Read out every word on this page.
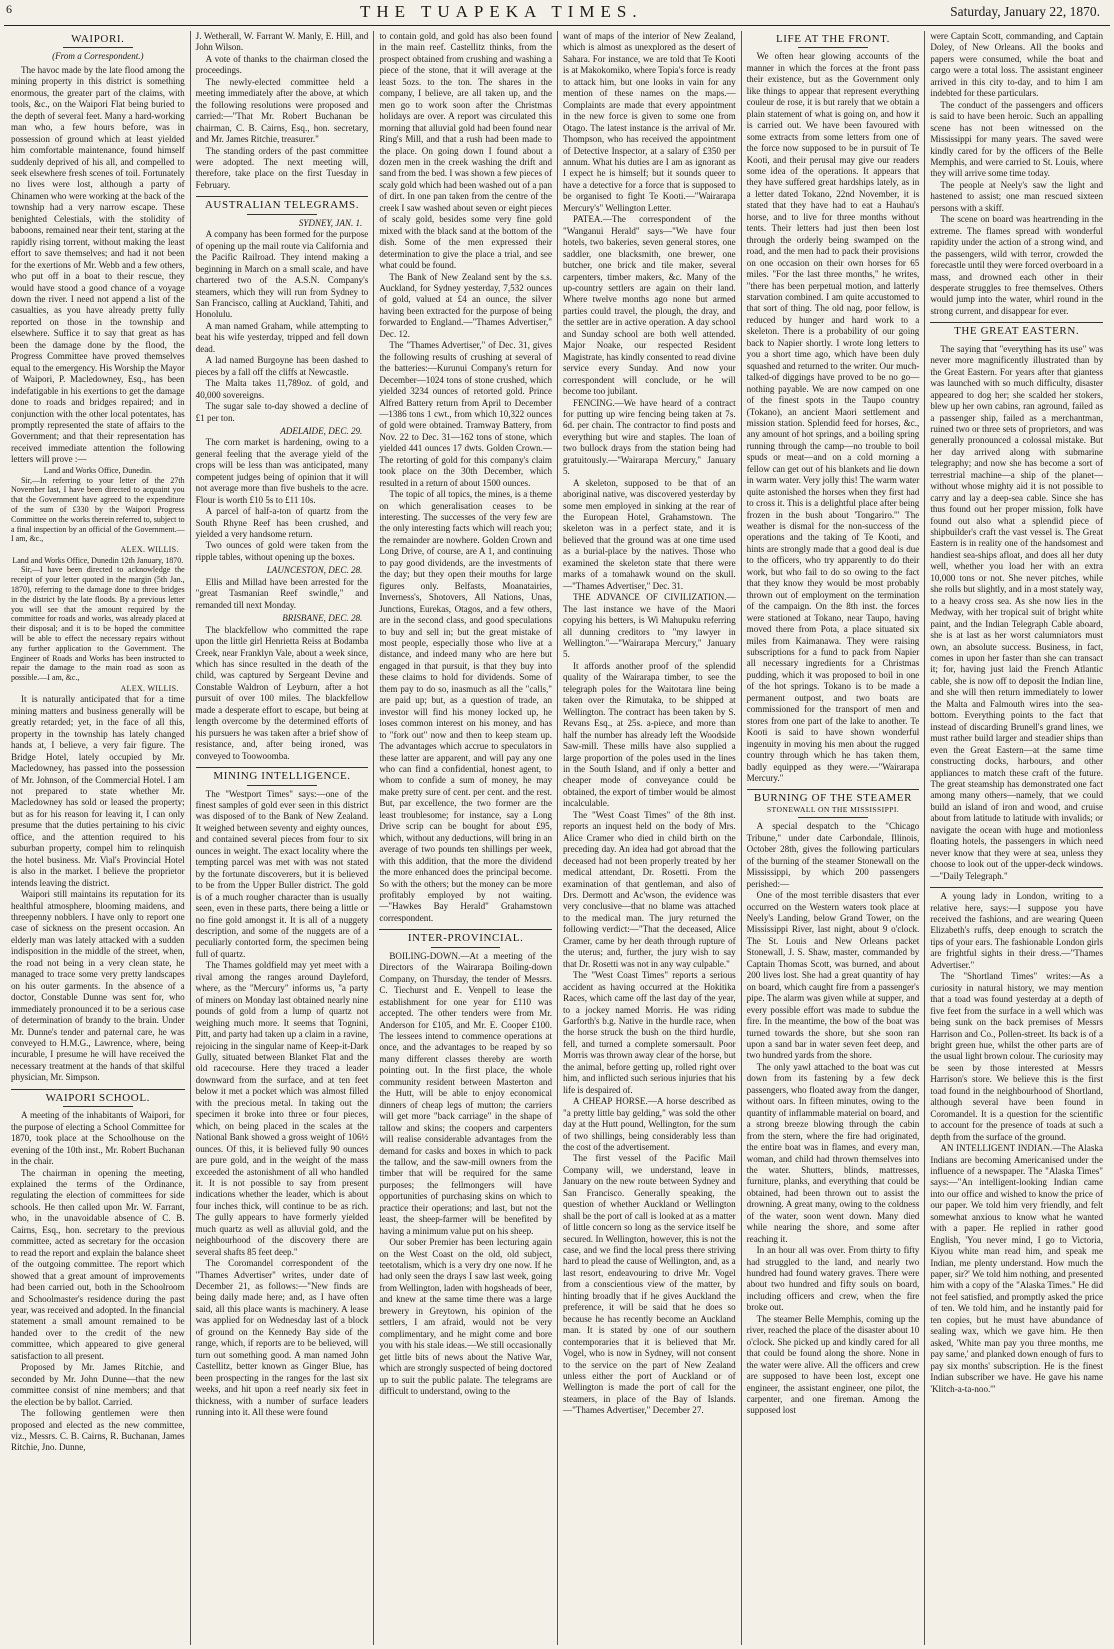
6	THE TUAPEKA TIMES.	Saturday, January 22, 1870.
WAIPORI.
(From a Correspondent.)
The havoc made by the late flood among the mining property in this district is something enormous, the greater part of the claims, with tools, &c., on the Waipori Flat being buried to the depth of several feet. Many a hard-working man who, a few hours before, was in possession of ground which at least yielded him comfortable maintenance, found himself suddenly deprived of his all, and compelled to seek elsewhere fresh scenes of toil. Fortunately no lives were lost, although a party of Chinamen who were working at the back of the township had a very narrow escape. These benighted Celestials, with the stolidity of baboons, remained near their tent, staring at the rapidly rising torrent, without making the least effort to save themselves; and had it not been for the exertions of Mr. Webb and a few others, who put off in a boat to their rescue, they would have stood a good chance of a voyage down the river. I need not append a list of the casualties, as you have already pretty fully reported on those in the township and elsewhere. Suffice it to say that great as has been the damage done by the flood, the Progress Committee have proved themselves equal to the emergency. His Worship the Mayor of Waipori, P. Macledowney, Esq., has been indefatigable in his exertions to get the damage done to roads and bridges repaired; and in conjunction with the other local potentates, has promptly represented the state of affairs to the Government; and that their representation has received immediate attention the following letters will prove :—
Land and Works Office, Dunedin.
Sir,—In referring to your letter of the 27th November last, I have been directed to acquaint you that the Government have agreed to the expenditure of the sum of £330 by the Waipori Progress Committee on the works therein referred to, subject to a final inspection by an official of the Government.—I am, &c.,
ALEX. WILLIS.
Land and Works Office, Dunedin 12th January, 1870.
Sir,—I have been directed to acknowledge the receipt of your letter quoted in the margin (5th Jan., 1870), referring to the damage done to three bridges in the district by the late floods. By a previous letter you will see that the amount required by the committee for roads and works, was already placed at their disposal; and it is to be hoped the committee will be able to effect the necessary repairs without any further application to the Government. The Engineer of Roads and Works has been instructed to repair the damage to the main road as soon as possible.—I am, &c.,
ALEX. WILLIS.
It is naturally anticipated that for a time mining matters and business generally will be greatly retarded; yet, in the face of all this, property in the township has lately changed hands at, I believe, a very fair figure. The Bridge Hotel, lately occupied by Mr. Macledowney, has passed into the possession of Mr. Johnson, of the Commercial Hotel. I am not prepared to state whether Mr. Macledowney has sold or leased the property; but as for his reason for leaving it, I can only presume that the duties pertaining to his civic office, and the attention required to his suburban property, compel him to relinquish the hotel business. Mr. Vial's Provincial Hotel is also in the market. I believe the proprietor intends leaving the district.
Waipori still maintains its reputation for its healthful atmosphere, blooming maidens, and threepenny nobblers. I have only to report one case of sickness on the present occasion. An elderly man was lately attacked with a sudden indisposition in the middle of the street, when, the road not being in a very clean state, he managed to trace some very pretty landscapes on his outer garments. In the absence of a doctor, Constable Dunne was sent for, who immediately pronounced it to be a serious case of determination of brandy to the brain. Under Mr. Dunne's tender and paternal care, he was conveyed to H.M.G., Lawrence, where, being incurable, I presume he will have received the necessary treatment at the hands of that skilful physician, Mr. Simpson.
WAIPORI SCHOOL.
A meeting of the inhabitants of Waipori, for the purpose of electing a School Committee for 1870, took place at the Schoolhouse on the evening of the 10th inst., Mr. Robert Buchanan in the chair.
The chairman in opening the meeting, explained the terms of the Ordinance, regulating the election of committees for side schools. He then called upon Mr. W. Farrant, who, in the unavoidable absence of C. B. Cairns, Esq., hon. secretary to the previous committee, acted as secretary for the occasion to read the report and explain the balance sheet of the outgoing committee. The report which showed that a great amount of improvements had been carried out, both in the Schoolroom and Schoolmaster's residence during the past year, was received and adopted. In the financial statement a small amount remained to be handed over to the credit of the new committee, which appeared to give general satisfaction to all present.
Proposed by Mr. James Ritchie, and seconded by Mr. John Dunne—that the new committee consist of nine members; and that the election be by ballot. Carried.
The following gentlemen were then proposed and elected as the new committee, viz., Messrs. C. B. Cairns, R. Buchanan, James Ritchie, Jno. Dunne,
J. Wetherall, W. Farrant W. Manly, E. Hill, and John Wilson.
A vote of thanks to the chairman closed the proceedings.
The newly-elected committee held a meeting immediately after the above, at which the following resolutions were proposed and carried:—"That Mr. Robert Buchanan be chairman, C. B. Cairns, Esq., hon. secretary, and Mr. James Ritchie, treasurer."
The standing orders of the past committee were adopted. The next meeting will, therefore, take place on the first Tuesday in February.
AUSTRALIAN TELEGRAMS.
SYDNEY, JAN. 1.
A company has been formed for the purpose of opening up the mail route via California and the Pacific Railroad. They intend making a beginning in March on a small scale, and have chartered two of the A.S.N. Company's steamers, which they will run from Sydney to San Francisco, calling at Auckland, Tahiti, and Honolulu.
A man named Graham, while attempting to beat his wife yesterday, tripped and fell down dead.
A lad named Burgoyne has been dashed to pieces by a fall off the cliffs at Newcastle.
The Malta takes 11,789oz. of gold, and 40,000 sovereigns.
The sugar sale to-day showed a decline of £1 per ton.
ADELAIDE, DEC. 29.
The corn market is hardening, owing to a general feeling that the average yield of the crops will be less than was anticipated, many competent judges being of opinion that it will not average more than five bushels to the acre. Flour is worth £10 5s to £11 10s.
A parcel of half-a-ton of quartz from the South Rhyne Reef has been crushed, and yielded a very handsome return.
Two ounces of gold were taken from the ripple tables, without opening up the boxes.
LAUNCESTON, DEC. 28.
Ellis and Millad have been arrested for the "great Tasmanian Reef swindle," and remanded till next Monday.
BRISBANE, DEC. 28.
The blackfellow who committed the rape upon the little girl Henrietta Reiss at Bodamba Creek, near Franklyn Vale, about a week since, which has since resulted in the death of the child, was captured by Sergeant Devine and Constable Waldron of Leyburn, after a hot pursuit of over 100 miles. The blackfellow made a desperate effort to escape, but being at length overcome by the determined efforts of his pursuers he was taken after a brief show of resistance, and, after being ironed, was conveyed to Toowoomba.
MINING INTELLIGENCE.
The "Westport Times" says:—one of the finest samples of gold ever seen in this district was disposed of to the Bank of New Zealand. It weighed between seventy and eighty ounces, and contained several pieces from four to six ounces in weight. The exact locality where the tempting parcel was met with was not stated by the fortunate discoverers, but it is believed to be from the Upper Buller district. The gold is of a much rougher character than is usually seen, even in these parts, there being a little or no fine gold amongst it. It is all of a nuggety description, and some of the nuggets are of a peculiarly contorted form, the specimen being full of quartz.
The Thames goldfield may yet meet with a rival among the ranges around Dayleford, where, as the "Mercury" informs us, "a party of miners on Monday last obtained nearly nine pounds of gold from a lump of quartz not weighing much more. It seems that Tognini, Pitt, and party had taken up a claim in a ravine, rejoicing in the singular name of Keep-it-Dark Gully, situated between Blanket Flat and the old racecourse. Here they traced a leader downward from the surface, and at ten feet below it met a pocket which was almost filled with the precious metal. In taking out the specimen it broke into three or four pieces, which, on being placed in the scales at the National Bank showed a gross weight of 106½ ounces. Of this, it is believed fully 90 ounces are pure gold, and in the weight of the mass exceeded the astonishment of all who handled it. It is not possible to say from present indications whether the leader, which is about four inches thick, will continue to be as rich. The gully appears to have formerly yielded much quartz as well as alluvial gold, and the neighbourhood of the discovery there are several shafts 85 feet deep."
The Coromandel correspondent of the "Thames Advertiser" writes, under date of December 21, as follows:—"New finds are being daily made here; and, as I have often said, all this place wants is machinery. A lease was applied for on Wednesday last of a block of ground on the Kennedy Bay side of the range, which, if reports are to be believed, will turn out something good. A man named John Castellitz, better known as Ginger Blue, has been prospecting in the ranges for the last six weeks, and hit upon a reef nearly six feet in thickness, with a number of surface leaders running into it. All these were found
to contain gold, and gold has also been found in the main reef. Castellitz thinks, from the prospect obtained from crushing and washing a piece of the stone, that it will average at the least 5ozs. to the ton. The shares in the company, I believe, are all taken up, and the men go to work soon after the Christmas holidays are over. A report was circulated this morning that alluvial gold had been found near Ring's Mill, and that a rush had been made to the place. On going down I found about a dozen men in the creek washing the drift and sand from the bed. I was shown a few pieces of scaly gold which had been washed out of a pan of dirt. In one pan taken from the centre of the creek I saw washed about seven or eight pieces of scaly gold, besides some very fine gold mixed with the black sand at the bottom of the dish. Some of the men expressed their determination to give the place a trial, and see what could be found.
The Bank of New Zealand sent by the s.s. Auckland, for Sydney yesterday, 7,532 ounces of gold, valued at £4 an ounce, the silver having been extracted for the purpose of being forwarded to England.—"Thames Advertiser," Dec. 12.
The "Thames Advertiser," of Dec. 31, gives the following results of crushing at several of the batteries:—Kurunui Company's return for December—1024 tons of stone crushed, which yielded 3234 ounces of retorted gold. Prince Alfred Battery return from April to December—1386 tons 1 cwt., from which 10,322 ounces of gold were obtained. Tramway Battery, from Nov. 22 to Dec. 31—162 tons of stone, which yielded 441 ounces 17 dwts. Golden Crown.—The retorting of gold for this company's claim took place on the 30th December, which resulted in a return of about 1500 ounces.
The topic of all topics, the mines, is a theme on which generalisation ceases to be interesting. The successes of the very few are the only interesting facts which will reach you; the remainder are nowhere. Golden Crown and Long Drive, of course, are A 1, and continuing to pay good dividends, are the investments of the day; but they open their mouths for large figures only. Belfasts, Moanatairies, Inverness's, Shotovers, All Nations, Unas, Junctions, Eurekas, Otagos, and a few others, are in the second class, and good speculations to buy and sell in; but the great mistake of most people, especially those who live at a distance, and indeed many who are here but engaged in that pursuit, is that they buy into these claims to hold for dividends. Some of them pay to do so, inasmuch as all the "calls," are paid up; but, as a question of trade, an investor will find his money locked up, he loses common interest on his money, and has to "fork out" now and then to keep steam up. The advantages which accrue to speculators in these latter are apparent, and will pay any one who can find a confidential, honest agent, to whom to confide a sum of money, he may make pretty sure of cent. per cent. and the rest. But, par excellence, the two former are the least troublesome; for instance, say a Long Drive scrip can be bought for about £95, which, without any deductions, will bring in an average of two pounds ten shillings per week, with this addition, that the more the dividend the more enhanced does the principal become. So with the others; but the money can be more profitably employed by not waiting.—"Hawkes Bay Herald" Grahamstown correspondent.
INTER-PROVINCIAL.
BOILING-DOWN.—At a meeting of the Directors of the Wairarapa Boiling-down Company, on Thursday, the tender of Messrs. C. Tiechurst and E. Venpell to lease the establishment for one year for £110 was accepted. The other tenders were from Mr. Anderson for £105, and Mr. E. Cooper £100. The lessees intend to commence operations at once, and the advantages to be reaped by so many different classes thereby are worth pointing out. In the first place, the whole community resident between Masterton and the Hutt, will be able to enjoy economical dinners of cheap legs of mutton; the carriers will get more "back carriage" in the shape of tallow and skins; the coopers and carpenters will realise considerable advantages from the demand for casks and boxes in which to pack the tallow, and the saw-mill owners from the timber that will be required for the same purposes; the fellmongers will have opportunities of purchasing skins on which to practice their operations; and last, but not the least, the sheep-farmer will be benefited by having a minimum value put on his sheep.
Our sober Premier has been lecturing again on the West Coast on the old, old subject, teetotalism, which is a very dry one now. If he had only seen the drays I saw last week, going from Wellington, laden with hogsheads of beer, and knew at the same time there was a large brewery in Greytown, his opinion of the settlers, I am afraid, would not be very complimentary, and he might come and bore you with his stale ideas.—We still occasionally get little bits of news about the Native War, which are strongly suspected of being doctored up to suit the public palate. The telegrams are difficult to understand, owing to the
want of maps of the interior of New Zealand, which is almost as unexplored as the desert of Sahara. For instance, we are told that Te Kooti is at Makokomiko, where Topia's force is ready to attack him, but one looks in vain for any mention of these names on the maps.—Complaints are made that every appointment in the new force is given to some one from Otago. The latest instance is the arrival of Mr. Thompson, who has received the appointment of Detective Inspector, at a salary of £350 per annum. What his duties are I am as ignorant as I expect he is himself; but it sounds queer to have a detective for a force that is supposed to be organised to fight Te Kooti.—"Wairarapa Mercury's" Wellington Letter.
PATEA.—The correspondent of the "Wanganui Herald" says—"We have four hotels, two bakeries, seven general stores, one saddler, one blacksmith, one brewer, one butcher, one brick and tile maker, several carpenters, timber makers, &c. Many of the up-country settlers are again on their land. Where twelve months ago none but armed parties could travel, the plough, the dray, and the settler are in active operation. A day school and Sunday school are both well attended. Major Noake, our respected Resident Magistrate, has kindly consented to read divine service every Sunday. And now your correspondent will conclude, or he will become too jubilant.
FENCING.—We have heard of a contract for putting up wire fencing being taken at 7s. 6d. per chain. The contractor to find posts and everything but wire and staples. The loan of two bullock drays from the station being had gratuitously.—"Wairarapa Mercury," January 5.
A skeleton, supposed to be that of an aboriginal native, was discovered yesterday by some men employed in sinking at the rear of the European Hotel, Grahamstown. The skeleton was in a perfect state, and it is believed that the ground was at one time used as a burial-place by the natives. Those who examined the skeleton state that there were marks of a tomahawk wound on the skull.—"Thames Advertiser," Dec. 31.
THE ADVANCE OF CIVILIZATION.—The last instance we have of the Maori copying his betters, is Wi Mahupuku referring all dunning creditors to "my lawyer in Wellington."—"Wairarapa Mercury," January 5.
It affords another proof of the splendid quality of the Wairarapa timber, to see the telegraph poles for the Waitotara line being taken over the Rimutaka, to be shipped at Wellington. The contract has been taken by S. Revans Esq., at 25s. a-piece, and more than half the number has already left the Woodside Saw-mill. These mills have also supplied a large proportion of the poles used in the lines in the South Island, and if only a better and cheaper mode of conveyance could be obtained, the export of timber would be almost incalculable.
The "West Coast Times" of the 8th inst. reports an inquest held on the body of Mrs. Alice Cramer who died in child birth on the preceding day. An idea had got abroad that the deceased had not been properly treated by her medical attendant, Dr. Rosetti. From the examination of that gentleman, and also of Drs. Dermott and Ac'wson, the evidence was very conclusive—that no blame was attached to the medical man. The jury returned the following verdict:—"That the deceased, Alice Cramer, came by her death through rupture of the uterus; and, further, the jury wish to say that Dr. Rosetti was not in any way culpable."
The "West Coast Times" reports a serious accident as having occurred at the Hokitika Races, which came off the last day of the year, to a jockey named Morris. He was riding Garforth's b.g. Native in the hurdle race, when the horse struck the bush on the third hurdle, fell, and turned a complete somersault. Poor Morris was thrown away clear of the horse, but the animal, before getting up, rolled right over him, and inflicted such serious injuries that his life is despaired of.
A CHEAP HORSE.—A horse described as "a pretty little bay gelding," was sold the other day at the Hutt pound, Wellington, for the sum of two shillings, being considerably less than the cost of the advertisement.
The first vessel of the Pacific Mail Company will, we understand, leave in January on the new route between Sydney and San Francisco. Generally speaking, the question of whether Auckland or Wellington shall be the port of call is looked at as a matter of little concern so long as the service itself be secured. In Wellington, however, this is not the case, and we find the local press there striving hard to plead the cause of Wellington, and, as a last resort, endeavouring to drive Mr. Vogel from a conscientious view of the matter, by hinting broadly that if he gives Auckland the preference, it will be said that he does so because he has recently become an Auckland man. It is stated by one of our southern contemporaries that it is believed that Mr. Vogel, who is now in Sydney, will not consent to the service on the part of New Zealand unless either the port of Auckland or of Wellington is made the port of call for the steamers, in place of the Bay of Islands.—"Thames Advertiser," December 27.
LIFE AT THE FRONT.
We often hear glowing accounts of the manner in which the forces at the front pass their existence, but as the Government only like things to appear that represent everything couleur de rose, it is but rarely that we obtain a plain statement of what is going on, and how it is carried out. We have been favoured with some extracts from some letters from one of the force now supposed to be in pursuit of Te Kooti, and their perusal may give our readers some idea of the operations. It appears that they have suffered great hardships lately, as in a letter dated Tokano, 22nd November, it is stated that they have had to eat a Hauhau's horse, and to live for three months without tents. Their letters had just then been lost through the orderly being swamped on the road, and the men had to pack their provisions on one occasion on their own horses for 65 miles. "For the last three months," he writes, "there has been perpetual motion, and latterly starvation combined. I am quite accustomed to that sort of thing. The old nag, poor fellow, is reduced by hunger and hard work to a skeleton. There is a probability of our going back to Napier shortly. I wrote long letters to you a short time ago, which have been duly squashed and returned to the writer. Our much-talked-of diggings have proved to be no go—nothing payable. We are now camped on one of the finest spots in the Taupo country (Tokano), an ancient Maori settlement and mission station. Splendid feed for horses, &c., any amount of hot springs, and a boiling spring running through the camp—no trouble to boil spuds or meat—and on a cold morning a fellow can get out of his blankets and lie down in warm water. Very jolly this! The warm water quite astonished the horses when they first had to cross it. This is a delightful place after being frozen in the bush about 'Tongariro.'" The weather is dismal for the non-success of the operations and the taking of Te Kooti, and hints are strongly made that a good deal is due to the officers, who try apparently to do their work, but who fail to do so owing to the fact that they know they would be most probably thrown out of employment on the termination of the campaign. On the 8th inst. the forces were stationed at Tokano, near Taupo, having moved there from Pota, a place situated six miles from Kaimanawa. They were raising subscriptions for a fund to pack from Napier all necessary ingredients for a Christmas pudding, which it was proposed to boil in one of the hot springs. Tokano is to be made a permanent outpost, and two boats are commissioned for the transport of men and stores from one part of the lake to another. Te Kooti is said to have shown wonderful ingenuity in moving his men about the rugged country through which he has taken them, badly equipped as they were.—"Wairarapa Mercury."
BURNING OF THE STEAMER
STONEWALL ON THE MISSISSIPPI.
A special despatch to the "Chicago Tribune," under date Carbondale, Illinois, October 28th, gives the following particulars of the burning of the steamer Stonewall on the Mississippi, by which 200 passengers perished:—
One of the most terrible disasters that ever occurred on the Western waters took place at Neely's Landing, below Grand Tower, on the Mississippi River, last night, about 9 o'clock. The St. Louis and New Orleans packet Stonewall, J. S. Shaw, master, commanded by Captain Thomas Scott, was burned, and about 200 lives lost. She had a great quantity of hay on board, which caught fire from a passenger's pipe. The alarm was given while at supper, and every possible effort was made to subdue the fire. In the meantime, the bow of the boat was turned towards the shore, but she soon ran upon a sand bar in water seven feet deep, and two hundred yards from the shore.
The only yawl attached to the boat was cut down from its fastening by a few deck passengers, who floated away from the danger, without oars. In fifteen minutes, owing to the quantity of inflammable material on board, and a strong breeze blowing through the cabin from the stern, where the fire had originated, the entire boat was in flames, and every man, woman, and child had thrown themselves into the water. Shutters, blinds, mattresses, furniture, planks, and everything that could be obtained, had been thrown out to assist the drowning. A great many, owing to the coldness of the water, soon went down. Many died while nearing the shore, and some after reaching it.
In an hour all was over. From thirty to fifty had struggled to the land, and nearly two hundred had found watery graves. There were about two hundred and fifty souls on board, including officers and crew, when the fire broke out.
The steamer Belle Memphis, coming up the river, reached the place of the disaster about 10 o'clock. She picked up and kindly cared for all that could be found along the shore. None in the water were alive. All the officers and crew are supposed to have been lost, except one engineer, the assistant engineer, one pilot, the carpenter, and one fireman. Among the supposed lost
were Captain Scott, commanding, and Captain Doley, of New Orleans. All the books and papers were consumed, while the boat and cargo were a total loss. The assistant engineer arrived in this city to-day, and to him I am indebted for these particulars.
The conduct of the passengers and officers is said to have been heroic. Such an appalling scene has not been witnessed on the Mississippi for many years. The saved were kindly cared for by the officers of the Belle Memphis, and were carried to St. Louis, where they will arrive some time today.
The people at Neely's saw the light and hastened to assist; one man rescued sixteen persons with a skiff.
The scene on board was heartrending in the extreme. The flames spread with wonderful rapidity under the action of a strong wind, and the passengers, wild with terror, crowded the forecastle until they were forced overboard in a mass, and drowned each other in their desperate struggles to free themselves. Others would jump into the water, whirl round in the strong current, and disappear for ever.
THE GREAT EASTERN.
The saying that "everything has its use" was never more magnificently illustrated than by the Great Eastern. For years after that giantess was launched with so much difficulty, disaster appeared to dog her; she scalded her stokers, blew up her own cabins, ran aground, failed as a passenger ship, failed as a merchantman, ruined two or three sets of proprietors, and was generally pronounced a colossal mistake. But her day arrived along with submarine telegraphy; and now she has become a sort of terrestrial machine—a ship of the planet—without whose mighty aid it is not possible to carry and lay a deep-sea cable. Since she has thus found out her proper mission, folk have found out also what a splendid piece of shipbuilder's craft the vast vessel is. The Great Eastern is in reality one of the handsomest and handiest sea-ships afloat, and does all her duty well, whether you load her with an extra 10,000 tons or not. She never pitches, while she rolls but slightly, and in a most stately way, to a heavy cross sea. As she now lies in the Medway, with her tropical suit of bright white paint, and the Indian Telegraph Cable aboard, she is at last as her worst calumniators must own, an absolute success. Business, in fact, comes in upon her faster than she can transact it; for, having just laid the French Atlantic cable, she is now off to deposit the Indian line, and she will then return immediately to lower the Malta and Falmouth wires into the sea-bottom. Everything points to the fact that instead of discarding Brunell's grand lines, we must rather build larger and steadier ships than even the Great Eastern—at the same time constructing docks, harbours, and other appliances to match these craft of the future. The great steamship has demonstrated one fact among many others—namely, that we could build an island of iron and wood, and cruise about from latitude to latitude with invalids; or navigate the ocean with huge and motionless floating hotels, the passengers in which need never know that they were at sea, unless they choose to look out of the upper-deck windows.—"Daily Telegraph."
A young lady in London, writing to a relative here, says:—I suppose you have received the fashions, and are wearing Queen Elizabeth's ruffs, deep enough to scratch the tips of your ears. The fashionable London girls are frightful sights in their dress.—"Thames Advertiser."
The "Shortland Times" writes:—As a curiosity in natural history, we may mention that a toad was found yesterday at a depth of five feet from the surface in a well which was being sunk on the back premises of Messrs Harrison and Co., Pollen-street. Its back is of a bright green hue, whilst the other parts are of the usual light brown colour. The curiosity may be seen by those interested at Messrs Harrison's store. We believe this is the first toad found in the neighbourhood of Shortland, although several have been found in Coromandel. It is a question for the scientific to account for the presence of toads at such a depth from the surface of the ground.
AN INTELLIGENT INDIAN.—The Alaska Indians are becoming Americanised under the influence of a newspaper. The "Alaska Times" says:—"An intelligent-looking Indian came into our office and wished to know the price of our paper. We told him very friendly, and felt somewhat anxious to know what he wanted with a paper. He replied in rather good English, 'You never mind, I go to Victoria, Kiyou white man read him, and speak me Indian, me plenty understand. How much the paper, sir?' We told him nothing, and presented him with a copy of the "Alaska Times." He did not feel satisfied, and promptly asked the price of ten. We told him, and he instantly paid for ten copies, but he must have abundance of sealing wax, which we gave him. He then asked, 'White man pay you three months, me pay same,' and planked down enough of furs to pay six months' subscription. He is the finest Indian subscriber we have. He gave his name 'Klitch-a-ta-noo.'"
